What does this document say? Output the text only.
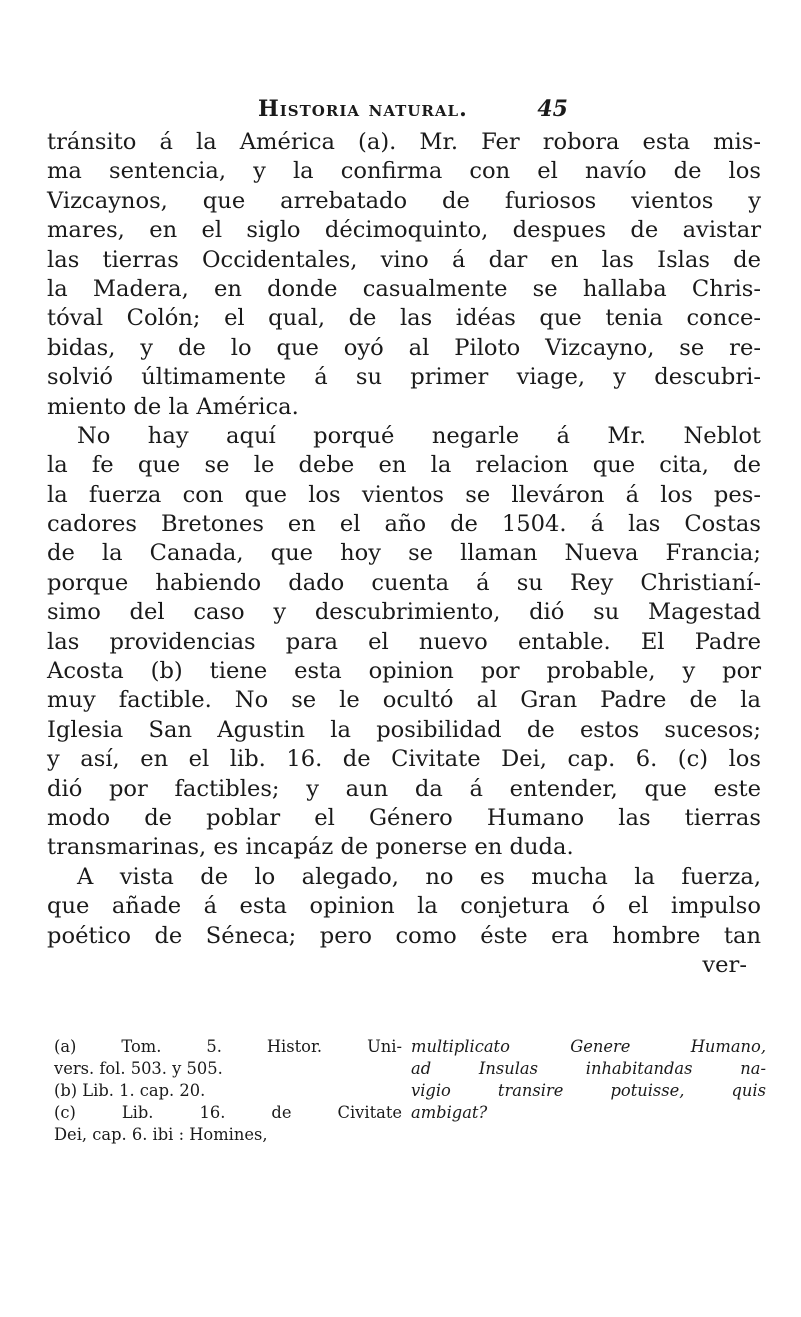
Historia natural.	45
tránsito á la América (a). Mr. Fer robora esta mis-
ma sentencia, y la confirma con el navío de los
Vizcaynos, que arrebatado de furiosos vientos y
mares, en el siglo décimoquinto, despues de avistar
las tierras Occidentales, vino á dar en las Islas de
la Madera, en donde casualmente se hallaba Chris-
tóval Colón; el qual, de las idéas que tenia conce-
bidas, y de lo que oyó al Piloto Vizcayno, se re-
solvió últimamente á su primer viage, y descubri-
miento de la América.
No hay aquí porqué negarle á Mr. Neblot
la fe que se le debe en la relacion que cita, de
la fuerza con que los vientos se lleváron á los pes-
cadores Bretones en el año de 1504. á las Costas
de la Canada, que hoy se llaman Nueva Francia;
porque habiendo dado cuenta á su Rey Christianí-
simo del caso y descubrimiento, dió su Magestad
las providencias para el nuevo entable. El Padre
Acosta (b) tiene esta opinion por probable, y por
muy factible. No se le ocultó al Gran Padre de la
Iglesia San Agustin la posibilidad de estos sucesos;
y así, en el lib. 16. de Civitate Dei, cap. 6. (c) los
dió por factibles; y aun da á entender, que este
modo de poblar el Género Humano las tierras
transmarinas, es incapáz de ponerse en duda.
A vista de lo alegado, no es mucha la fuerza,
que añade á esta opinion la conjetura ó el impulso
poético de Séneca; pero como éste era hombre tan
ver-
(a) Tom. 5. Histor. Uni-
vers. fol. 503. y 505.
(b) Lib. 1. cap. 20.
(c) Lib. 16. de Civitate
Dei, cap. 6. ibi : Homines,
multiplicato Genere Humano,
ad Insulas inhabitandas na-
vigio transire potuisse, quis
ambigat?
